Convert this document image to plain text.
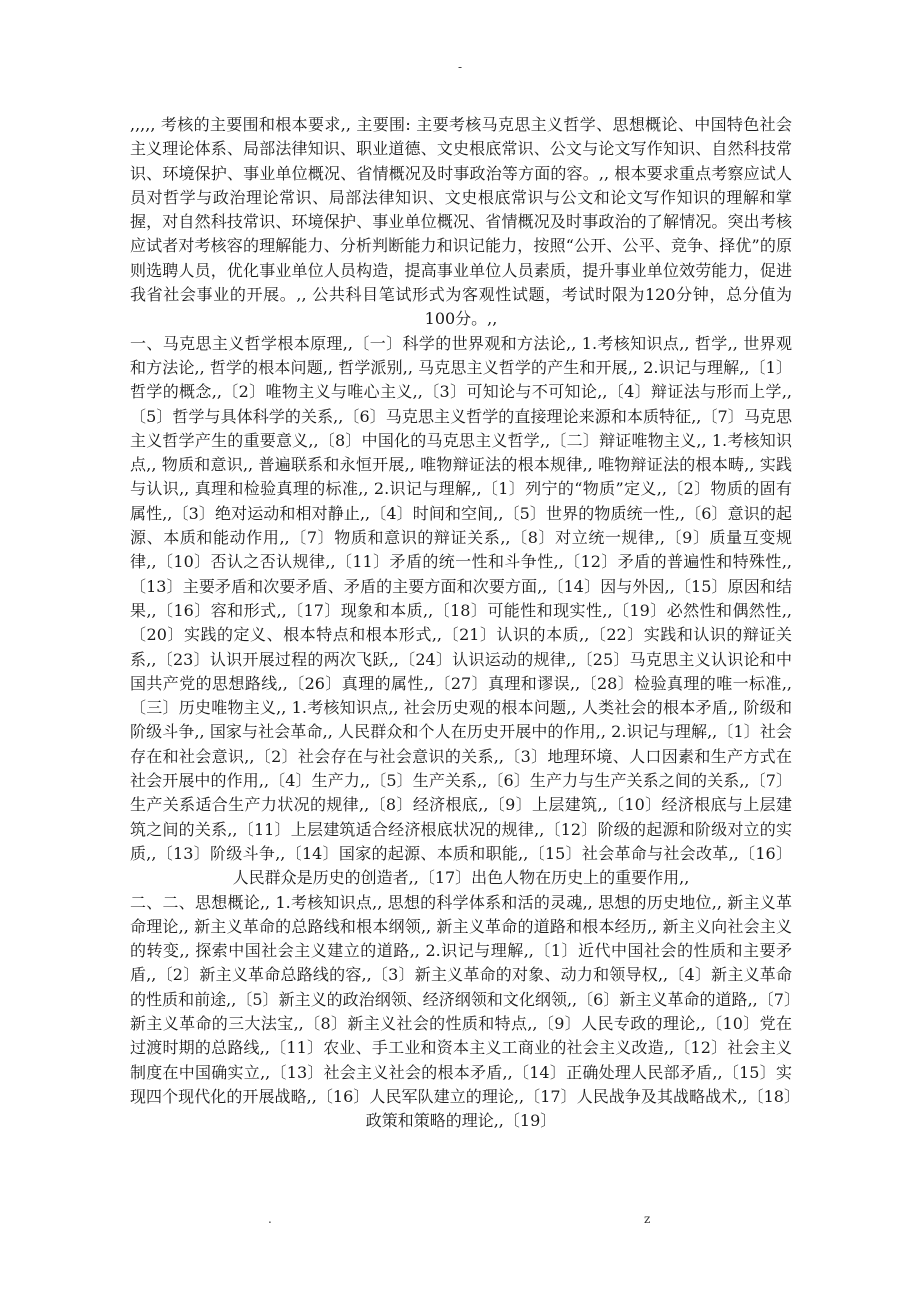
-

,,,,, 考核的主要围和根本要求,, 主要围: 主要考核马克思主义哲学、思想概论、中国特色社会主义理论体系、局部法律知识、职业道德、文史根底常识、公文与论文写作知识、自然科技常识、环境保护、事业单位概况、省情概况及时事政治等方面的容。,, 根本要求重点考察应试人员对哲学与政治理论常识、局部法律知识、文史根底常识与公文和论文写作知识的理解和掌握，对自然科技常识、环境保护、事业单位概况、省情概况及时事政治的了解情况。突出考核应试者对考核容的理解能力、分析判断能力和识记能力，按照“公开、公平、竞争、择优”的原则选聘人员，优化事业单位人员构造，提高事业单位人员素质，提升事业单位效劳能力，促进我省社会事业的开展。,, 公共科目笔试形式为客观性试题，考试时限为120分钟，总分值为100分。,,

一、马克思主义哲学根本原理,,〔一〕科学的世界观和方法论,, 1.考核知识点,, 哲学,, 世界观和方法论,, 哲学的根本问题,, 哲学派别,, 马克思主义哲学的产生和开展,, 2.识记与理解,,〔1〕哲学的概念,,〔2〕唯物主义与唯心主义,,〔3〕可知论与不可知论,,〔4〕辩证法与形而上学,,〔5〕哲学与具体科学的关系,,〔6〕马克思主义哲学的直接理论来源和本质特征,,〔7〕马克思主义哲学产生的重要意义,,〔8〕中国化的马克思主义哲学,,〔二〕辩证唯物主义,, 1.考核知识点,, 物质和意识,, 普遍联系和永恒开展,, 唯物辩证法的根本规律,, 唯物辩证法的根本畴,, 实践与认识,, 真理和检验真理的标准,, 2.识记与理解,,〔1〕列宁的“物质”定义,,〔2〕物质的固有属性,,〔3〕绝对运动和相对静止,,〔4〕时间和空间,,〔5〕世界的物质统一性,,〔6〕意识的起源、本质和能动作用,,〔7〕物质和意识的辩证关系,,〔8〕对立统一规律,,〔9〕质量互变规律,,〔10〕否认之否认规律,,〔11〕矛盾的统一性和斗争性,,〔12〕矛盾的普遍性和特殊性,,〔13〕主要矛盾和次要矛盾、矛盾的主要方面和次要方面,,〔14〕因与外因,,〔15〕原因和结果,,〔16〕容和形式,,〔17〕现象和本质,,〔18〕可能性和现实性,,〔19〕必然性和偶然性,,〔20〕实践的定义、根本特点和根本形式,,〔21〕认识的本质,,〔22〕实践和认识的辩证关系,,〔23〕认识开展过程的两次飞跃,,〔24〕认识运动的规律,,〔25〕马克思主义认识论和中国共产党的思想路线,,〔26〕真理的属性,,〔27〕真理和谬误,,〔28〕检验真理的唯一标准,,〔三〕历史唯物主义,, 1.考核知识点,, 社会历史观的根本问题,, 人类社会的根本矛盾,, 阶级和阶级斗争,, 国家与社会革命,, 人民群众和个人在历史开展中的作用,, 2.识记与理解,,〔1〕社会存在和社会意识,,〔2〕社会存在与社会意识的关系,,〔3〕地理环境、人口因素和生产方式在社会开展中的作用,,〔4〕生产力,,〔5〕生产关系,,〔6〕生产力与生产关系之间的关系,,〔7〕生产关系适合生产力状况的规律,,〔8〕经济根底,,〔9〕上层建筑,,〔10〕经济根底与上层建筑之间的关系,,〔11〕上层建筑适合经济根底状况的规律,,〔12〕阶级的起源和阶级对立的实质,,〔13〕阶级斗争,,〔14〕国家的起源、本质和职能,,〔15〕社会革命与社会改革,,〔16〕人民群众是历史的创造者,,〔17〕出色人物在历史上的重要作用,,

二、二、思想概论,, 1.考核知识点,, 思想的科学体系和活的灵魂,, 思想的历史地位,, 新主义革命理论,, 新主义革命的总路线和根本纲领,, 新主义革命的道路和根本经历,, 新主义向社会主义的转变,, 探索中国社会主义建立的道路,, 2.识记与理解,,〔1〕近代中国社会的性质和主要矛盾,,〔2〕新主义革命总路线的容,,〔3〕新主义革命的对象、动力和领导权,,〔4〕新主义革命的性质和前途,,〔5〕新主义的政治纲领、经济纲领和文化纲领,,〔6〕新主义革命的道路,,〔7〕新主义革命的三大法宝,,〔8〕新主义社会的性质和特点,,〔9〕人民专政的理论,,〔10〕党在过渡时期的总路线,,〔11〕农业、手工业和资本主义工商业的社会主义改造,,〔12〕社会主义制度在中国确实立,,〔13〕社会主义社会的根本矛盾,,〔14〕正确处理人民部矛盾,,〔15〕实现四个现代化的开展战略,,〔16〕人民军队建立的理论,,〔17〕人民战争及其战略战术,,〔18〕政策和策略的理论,,〔19〕

.	z
